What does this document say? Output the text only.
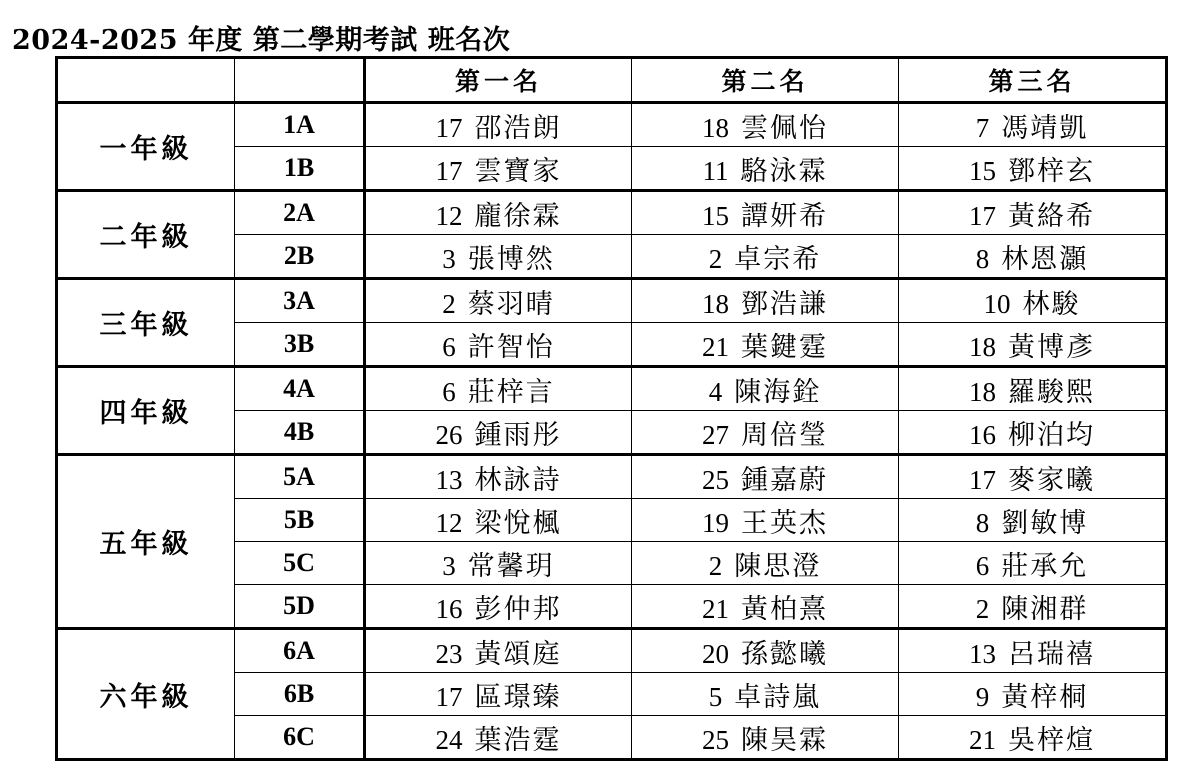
2024-2025 年度 第二學期考試 班名次
		第一名	第二名	第三名
一年級	1A	17 邵浩朗	18 雲佩怡	7 馮靖凱
	1B	17 雲寶家	11 駱泳霖	15 鄧梓玄
二年級	2A	12 龐徐霖	15 譚妍希	17 黃絡希
	2B	3 張博然	2 卓宗希	8 林恩灝
三年級	3A	2 蔡羽晴	18 鄧浩謙	10 林駿
	3B	6 許智怡	21 葉鍵霆	18 黃博彥
四年級	4A	6 莊梓言	4 陳海銓	18 羅駿熙
	4B	26 鍾雨彤	27 周倍瑩	16 柳泊均
五年級	5A	13 林詠詩	25 鍾嘉蔚	17 麥家曦
	5B	12 梁悅楓	19 王英杰	8 劉敏博
	5C	3 常馨玥	2 陳思澄	6 莊承允
	5D	16 彭仲邦	21 黃柏熹	2 陳湘群
六年級	6A	23 黃頌庭	20 孫懿曦	13 呂瑞禧
	6B	17 區璟臻	5 卓詩嵐	9 黃梓桐
	6C	24 葉浩霆	25 陳昊霖	21 吳梓煊
